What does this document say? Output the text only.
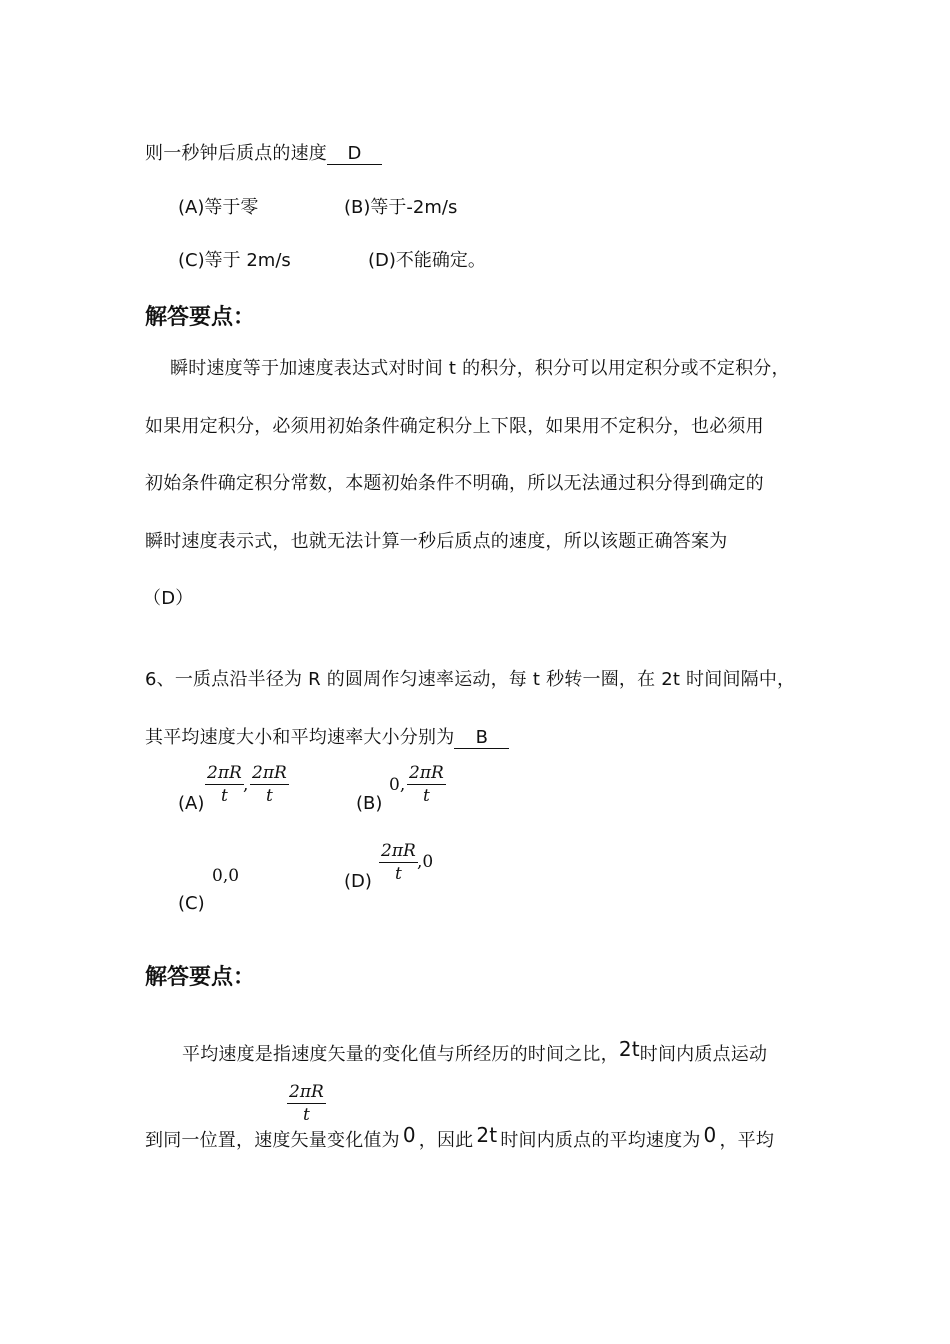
则一秒钟后质点的速度 D
(A)等于零	(B)等于-2m/s
(C)等于 2m/s	(D)不能确定。
解答要点：
瞬时速度等于加速度表达式对时间 t 的积分，积分可以用定积分或不定积分，
如果用定积分，必须用初始条件确定积分上下限，如果用不定积分，也必须用
初始条件确定积分常数，本题初始条件不明确，所以无法通过积分得到确定的
瞬时速度表示式，也就无法计算一秒后质点的速度，所以该题正确答案为
（D）
6、一质点沿半径为 R 的圆周作匀速率运动，每 t 秒转一圈，在 2t 时间间隔中，
其平均速度大小和平均速率大小分别为 B
$(A) \frac{2\pi R}{t}$ , $\frac{2\pi R}{t}$	(B)
0, $\frac{2\pi R}{t}$
0,0
(C)
$(D) \frac{2\pi R}{t} ,0$
解答要点：
平均速度是指速度矢量的变化值与所经历的时间之比，2t时间内质点运动
$\frac{2\pi R}{t}$
到同一位置，速度矢量变化值为 0 ，因此 2t 时间内质点的平均速度为 0 ，平均
